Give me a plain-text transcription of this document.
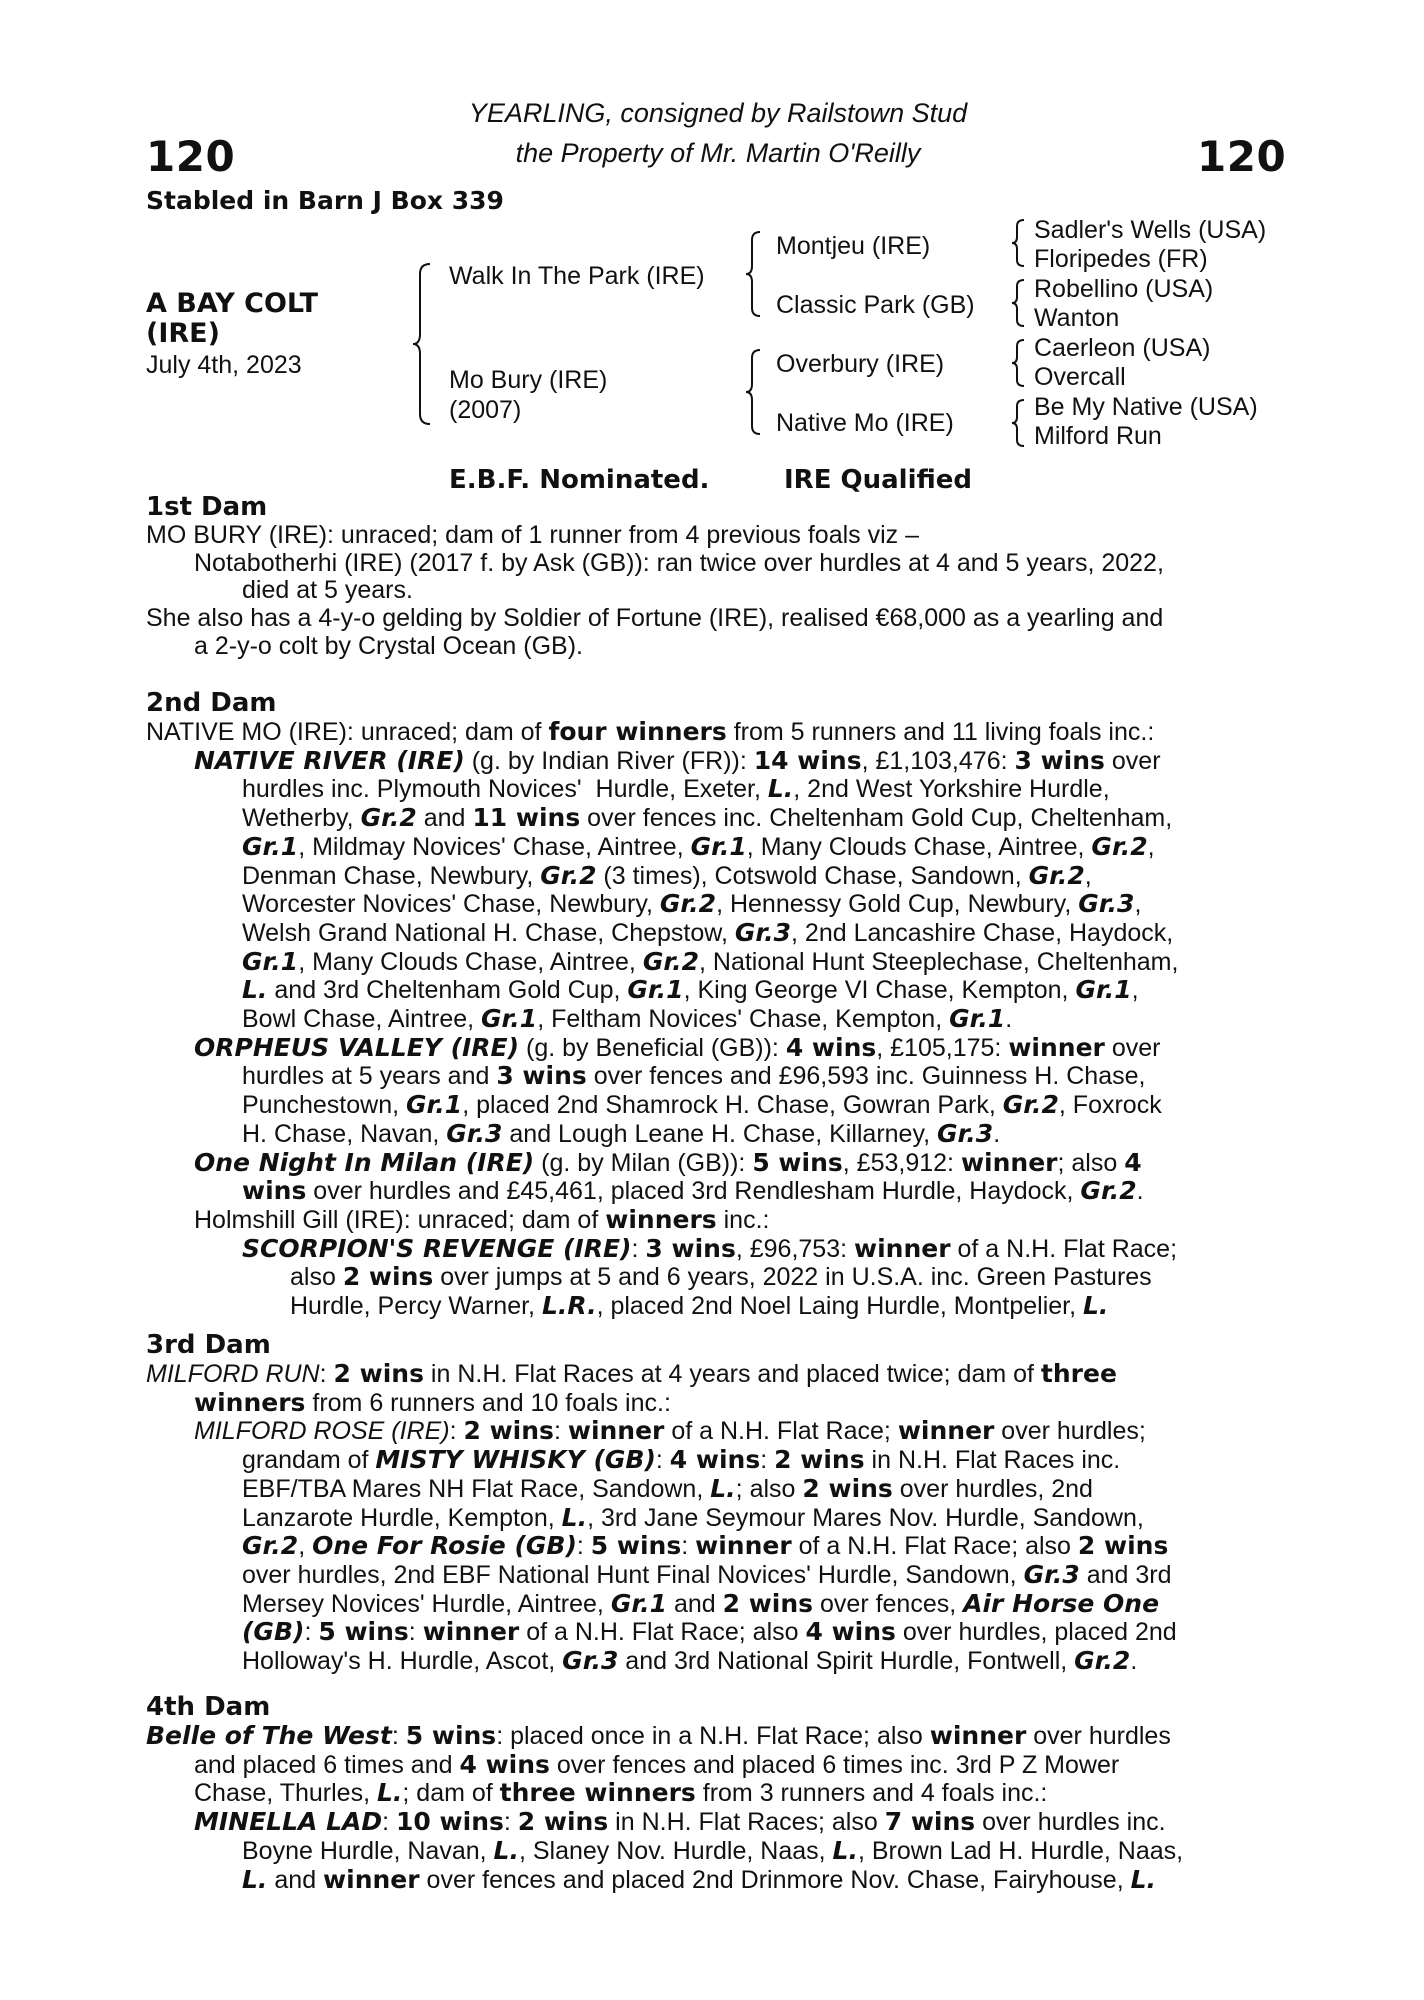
120	120
YEARLING, consigned by Railstown Stud
the Property of Mr. Martin O'Reilly
Stabled in Barn J Box 339
A BAY COLT
(IRE)
July 4th, 2023
Walk In The Park (IRE)
Mo Bury (IRE)
(2007)
Montjeu (IRE)
Classic Park (GB)
Overbury (IRE)
Native Mo (IRE)
Sadler's Wells (USA)
Floripedes (FR)
Robellino (USA)
Wanton
Caerleon (USA)
Overcall
Be My Native (USA)
Milford Run
E.B.F. Nominated.	IRE Qualified
1st Dam
MO BURY (IRE): unraced; dam of 1 runner from 4 previous foals viz –
Notabotherhi (IRE) (2017 f. by Ask (GB)): ran twice over hurdles at 4 and 5 years, 2022,
died at 5 years.
She also has a 4-y-o gelding by Soldier of Fortune (IRE), realised €68,000 as a yearling and
a 2-y-o colt by Crystal Ocean (GB).
2nd Dam
NATIVE MO (IRE): unraced; dam of four winners from 5 runners and 11 living foals inc.:
NATIVE RIVER (IRE) (g. by Indian River (FR)): 14 wins, £1,103,476: 3 wins over
hurdles inc. Plymouth Novices'  Hurdle, Exeter, L., 2nd West Yorkshire Hurdle,
Wetherby, Gr.2 and 11 wins over fences inc. Cheltenham Gold Cup, Cheltenham,
Gr.1, Mildmay Novices' Chase, Aintree, Gr.1, Many Clouds Chase, Aintree, Gr.2,
Denman Chase, Newbury, Gr.2 (3 times), Cotswold Chase, Sandown, Gr.2,
Worcester Novices' Chase, Newbury, Gr.2, Hennessy Gold Cup, Newbury, Gr.3,
Welsh Grand National H. Chase, Chepstow, Gr.3, 2nd Lancashire Chase, Haydock,
Gr.1, Many Clouds Chase, Aintree, Gr.2, National Hunt Steeplechase, Cheltenham,
L. and 3rd Cheltenham Gold Cup, Gr.1, King George VI Chase, Kempton, Gr.1,
Bowl Chase, Aintree, Gr.1, Feltham Novices' Chase, Kempton, Gr.1.
ORPHEUS VALLEY (IRE) (g. by Beneficial (GB)): 4 wins, £105,175: winner over
hurdles at 5 years and 3 wins over fences and £96,593 inc. Guinness H. Chase,
Punchestown, Gr.1, placed 2nd Shamrock H. Chase, Gowran Park, Gr.2, Foxrock
H. Chase, Navan, Gr.3 and Lough Leane H. Chase, Killarney, Gr.3.
One Night In Milan (IRE) (g. by Milan (GB)): 5 wins, £53,912: winner; also 4
wins over hurdles and £45,461, placed 3rd Rendlesham Hurdle, Haydock, Gr.2.
Holmshill Gill (IRE): unraced; dam of winners inc.:
SCORPION'S REVENGE (IRE): 3 wins, £96,753: winner of a N.H. Flat Race;
also 2 wins over jumps at 5 and 6 years, 2022 in U.S.A. inc. Green Pastures
Hurdle, Percy Warner, L.R., placed 2nd Noel Laing Hurdle, Montpelier, L.
3rd Dam
MILFORD RUN: 2 wins in N.H. Flat Races at 4 years and placed twice; dam of three
winners from 6 runners and 10 foals inc.:
MILFORD ROSE (IRE): 2 wins: winner of a N.H. Flat Race; winner over hurdles;
grandam of MISTY WHISKY (GB): 4 wins: 2 wins in N.H. Flat Races inc.
EBF/TBA Mares NH Flat Race, Sandown, L.; also 2 wins over hurdles, 2nd
Lanzarote Hurdle, Kempton, L., 3rd Jane Seymour Mares Nov. Hurdle, Sandown,
Gr.2, One For Rosie (GB): 5 wins: winner of a N.H. Flat Race; also 2 wins
over hurdles, 2nd EBF National Hunt Final Novices' Hurdle, Sandown, Gr.3 and 3rd
Mersey Novices' Hurdle, Aintree, Gr.1 and 2 wins over fences, Air Horse One
(GB): 5 wins: winner of a N.H. Flat Race; also 4 wins over hurdles, placed 2nd
Holloway's H. Hurdle, Ascot, Gr.3 and 3rd National Spirit Hurdle, Fontwell, Gr.2.
4th Dam
Belle of The West: 5 wins: placed once in a N.H. Flat Race; also winner over hurdles
and placed 6 times and 4 wins over fences and placed 6 times inc. 3rd P Z Mower
Chase, Thurles, L.; dam of three winners from 3 runners and 4 foals inc.:
MINELLA LAD: 10 wins: 2 wins in N.H. Flat Races; also 7 wins over hurdles inc.
Boyne Hurdle, Navan, L., Slaney Nov. Hurdle, Naas, L., Brown Lad H. Hurdle, Naas,
L. and winner over fences and placed 2nd Drinmore Nov. Chase, Fairyhouse, L.
